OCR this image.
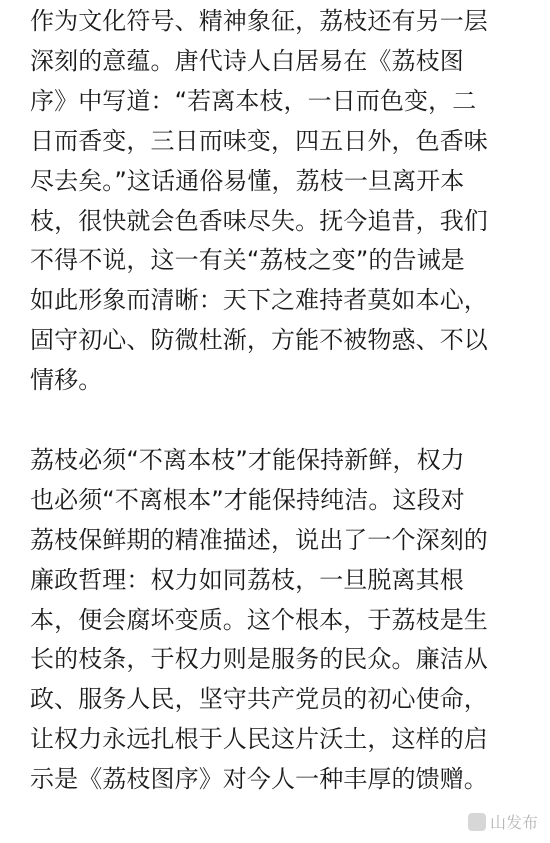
作为文化符号、精神象征，荔枝还有另一层

深刻的意蕴。唐代诗人白居易在《荔枝图

序》中写道：“若离本枝，一日而色变，二

日而香变，三日而味变，四五日外，色香味

尽去矣。”这话通俗易懂，荔枝一旦离开本

枝，很快就会色香味尽失。抚今追昔，我们

不得不说，这一有关“荔枝之变”的告诫是

如此形象而清晰：天下之难持者莫如本心，

固守初心、防微杜渐，方能不被物惑、不以

情移。

荔枝必须“不离本枝”才能保持新鲜，权力

也必须“不离根本”才能保持纯洁。这段对

荔枝保鲜期的精准描述，说出了一个深刻的

廉政哲理：权力如同荔枝，一旦脱离其根

本，便会腐坏变质。这个根本，于荔枝是生

长的枝条，于权力则是服务的民众。廉洁从

政、服务人民，坚守共产党员的初心使命，

让权力永远扎根于人民这片沃土，这样的启

示是《荔枝图序》对今人一种丰厚的馈赠。

山发布
